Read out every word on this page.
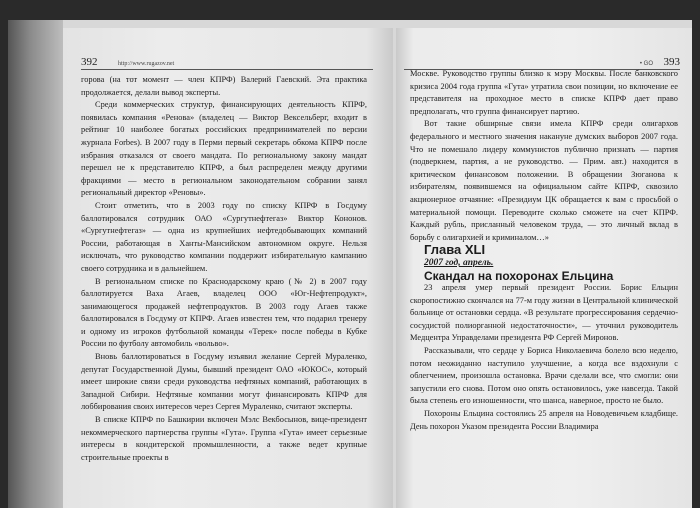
392	http://www.rugazov.net

горова (на тот момент — член КПРФ) Валерий Гаевский. Эта практика продолжается, делали вывод эксперты.

Среди коммерческих структур, финансирующих деятельность КПРФ, появилась компания «Ренова» (владелец — Виктор Вексельберг, входит в рейтинг 10 наиболее богатых российских предпринимателей по версии журнала Forbes). В 2007 году в Перми первый секретарь обкома КПРФ после избрания отказался от своего мандата. По региональному закону мандат перешел не к представителю КПРФ, а был распределен между другими фракциями — место в региональном законодательном собрании занял региональный директор «Реновы».

Стоит отметить, что в 2003 году по списку КПРФ в Госдуму баллотировался сотрудник ОАО «Сургутнефтегаз» Виктор Кононов. «Сургутнефтегаз» — одна из крупнейших нефтедобывающих компаний России, работающая в Ханты-Мансийском автономном округе. Нельзя исключать, что руководство компании поддержит избирательную кампанию своего сотрудника и в дальнейшем.

В региональном списке по Краснодарскому краю (№ 2) в 2007 году баллотируется Ваха Агаев, владелец ООО «Юг-Нефтепродукт», занимающегося продажей нефтепродуктов. В 2003 году Агаев также баллотировался в Госдуму от КПРФ. Агаев известен тем, что подарил тренеру и одному из игроков футбольной команды «Терек» после победы в Кубке России по футболу автомобиль «вольво».

Вновь баллотироваться в Госдуму изъявил желание Сергей Мураленко, депутат Государственной Думы, бывший президент ОАО «ЮКОС», который имеет широкие связи среди руководства нефтяных компаний, работающих в Западной Сибири. Нефтяные компании могут финансировать КПРФ для лоббирования своих интересов через Сергея Мураленко, считают эксперты.

В списке КПРФ по Башкирии включен Мэлс Векбосынов, вице-президент некоммерческого партнерства группы «Гута». Группа «Гута» имеет серьезные интересы в кондитерской промышленности, а также ведет крупные строительные проекты в

• GO 393

Москве. Руководство группы близко к мэру Москвы. После банковского кризиса 2004 года группа «Гута» утратила свои позиции, но включение ее представителя на проходное место в списке КПРФ дает право предполагать, что группа финансирует партию.

Вот такие обширные связи имела КПРФ среди олигархов федерального и местного значения накануне думских выборов 2007 года. Что не помешало лидеру коммунистов публично признать — партия (подверкнем, партия, а не руководство. — Прим. авт.) находится в критическом финансовом положении. В обращении Зюганова к избирателям, появившемся на официальном сайте КПРФ, сквозило акционерное отчаяние: «Президиум ЦК обращается к вам с просьбой о материальной помощи. Переводите сколько сможете на счет КПРФ. Каждый рубль, присланный человеком труда, — это личный вклад в борьбу с олигархией и криминалом…»

Глава XLI

2007 год, апрель.

Скандал на похоронах Ельцина

23 апреля умер первый президент России. Борис Ельцин скоропостижно скончался на 77-м году жизни в Центральной клинической больнице от остановки сердца. «В результате прогрессирования сердечно-сосудистой полиорганной недостаточности», — уточнил руководитель Медцентра Управделами президента РФ Сергей Миронов.

Рассказывали, что сердце у Бориса Николаевича болело всю неделю, потом неожиданно наступило улучшение, а когда все вздохнули с облегчением, произошла остановка. Врачи сделали все, что смогли: они запустили его снова. Потом оно опять остановилось, уже навсегда. Такой была степень его изношенности, что шанса, наверное, просто не было.

Похороны Ельцина состоялись 25 апреля на Новодевичьем кладбище. День похорон Указом президента России Владимира
